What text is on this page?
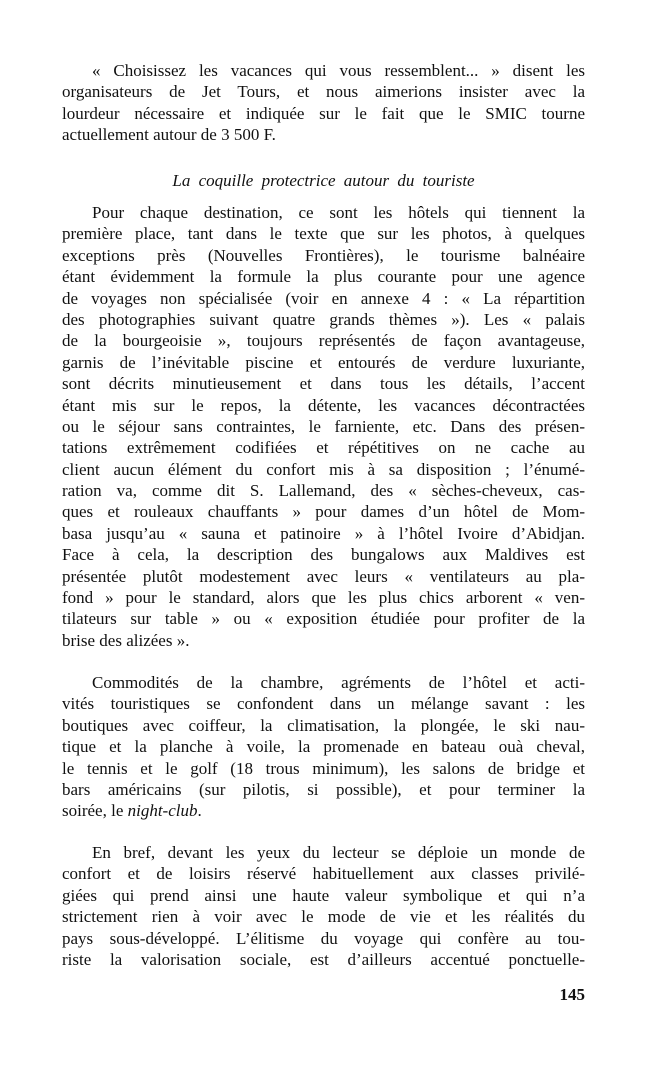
« Choisissez les vacances qui vous ressemblent... » disent les
organisateurs de Jet Tours, et nous aimerions insister avec la
lourdeur nécessaire et indiquée sur le fait que le SMIC tourne
actuellement autour de 3 500 F.
La coquille protectrice autour du touriste
Pour chaque destination, ce sont les hôtels qui tiennent la
première place, tant dans le texte que sur les photos, à quelques
exceptions près (Nouvelles Frontières), le tourisme balnéaire
étant évidemment la formule la plus courante pour une agence
de voyages non spécialisée (voir en annexe 4 : « La répartition
des photographies suivant quatre grands thèmes »). Les « palais
de la bourgeoisie », toujours représentés de façon avantageuse,
garnis de l’inévitable piscine et entourés de verdure luxuriante,
sont décrits minutieusement et dans tous les détails, l’accent
étant mis sur le repos, la détente, les vacances décontractées
ou le séjour sans contraintes, le farniente, etc. Dans des présen-
tations extrêmement codifiées et répétitives on ne cache au
client aucun élément du confort mis à sa disposition ; l’énumé-
ration va, comme dit S. Lallemand, des « sèches-cheveux, cas-
ques et rouleaux chauffants » pour dames d’un hôtel de Mom-
basa jusqu’au « sauna et patinoire » à l’hôtel Ivoire d’Abidjan.
Face à cela, la description des bungalows aux Maldives est
présentée plutôt modestement avec leurs « ventilateurs au pla-
fond » pour le standard, alors que les plus chics arborent « ven-
tilateurs sur table » ou « exposition étudiée pour profiter de la
brise des alizées ».
Commodités de la chambre, agréments de l’hôtel et acti-
vités touristiques se confondent dans un mélange savant : les
boutiques avec coiffeur, la climatisation, la plongée, le ski nau-
tique et la planche à voile, la promenade en bateau ouà cheval,
le tennis et le golf (18 trous minimum), les salons de bridge et
bars américains (sur pilotis, si possible), et pour terminer la
soirée, le night-club.
En bref, devant les yeux du lecteur se déploie un monde de
confort et de loisirs réservé habituellement aux classes privilé-
giées qui prend ainsi une haute valeur symbolique et qui n’a
strictement rien à voir avec le mode de vie et les réalités du
pays sous-développé. L’élitisme du voyage qui confère au tou-
riste la valorisation sociale, est d’ailleurs accentué ponctuelle-
145
